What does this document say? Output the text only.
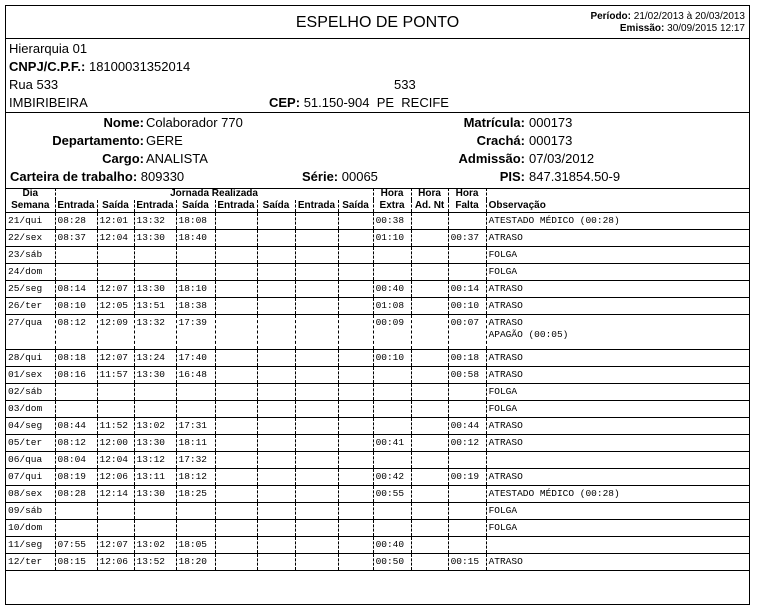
ESPELHO DE PONTO	Período: 21/02/2013 à 20/03/2013
Emissão: 30/09/2015 12:17
Hierarquia 01
CNPJ/C.P.F.: 18100031352014
Rua 533	533
IMBIRIBEIRA	CEP: 51.150-904 PE RECIFE
Nome: Colaborador 770
Departamento: GERE
Cargo: ANALISTA
Carteira de trabalho: 809330	Série: 00065
Matrícula: 000173
Crachá: 000173
Admissão: 07/03/2012
PIS: 847.31854.50-9
Dia	Jornada Realizada								Hora	Hora	Hora	
Semana	Entrada	Saída	Entrada	Saída	Entrada	Saída	Entrada	Saída	Extra	Ad. Nt	Falta	Observação
21/qui	08:28	12:01	13:32	18:08					00:38			ATESTADO MÉDICO (00:28)
22/sex	08:37	12:04	13:30	18:40					01:10		00:37	ATRASO
23/sáb												FOLGA
24/dom												FOLGA
25/seg	08:14	12:07	13:30	18:10					00:40		00:14	ATRASO
26/ter	08:10	12:05	13:51	18:38					01:08		00:10	ATRASO
27/qua	08:12	12:09	13:32	17:39					00:09		00:07	ATRASO
APAGÃO (00:05)

28/qui	08:18	12:07	13:24	17:40					00:10		00:18	ATRASO
01/sex	08:16	11:57	13:30	16:48							00:58	ATRASO
02/sáb												FOLGA
03/dom												FOLGA
04/seg	08:44	11:52	13:02	17:31							00:44	ATRASO
05/ter	08:12	12:00	13:30	18:11					00:41		00:12	ATRASO
06/qua	08:04	12:04	13:12	17:32								
07/qui	08:19	12:06	13:11	18:12					00:42		00:19	ATRASO
08/sex	08:28	12:14	13:30	18:25					00:55			ATESTADO MÉDICO (00:28)
09/sáb												FOLGA
10/dom												FOLGA
11/seg	07:55	12:07	13:02	18:05					00:40			
12/ter	08:15	12:06	13:52	18:20					00:50		00:15	ATRASO
